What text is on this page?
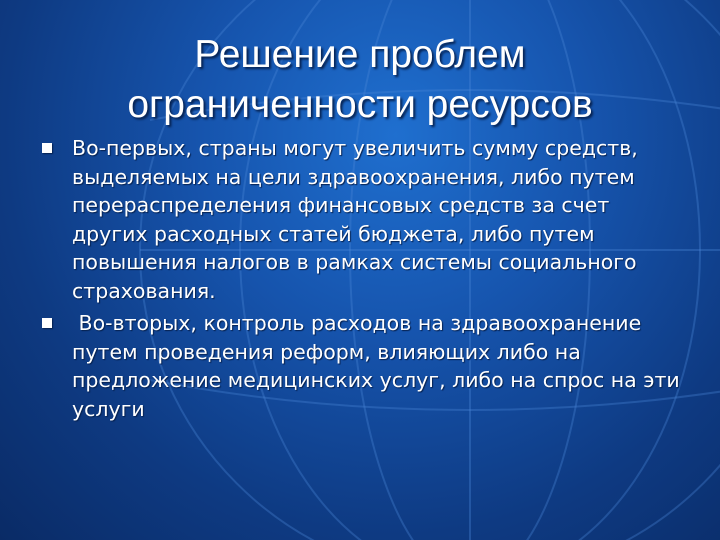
Решение проблем
ограниченности ресурсов
Во-первых, страны могут увеличить сумму средств, выделяемых на цели здравоохранения, либо путем перераспределения финансовых средств за счет других расходных статей бюджета, либо путем повышения налогов в рамках системы социального страхования.
Во-вторых, контроль расходов на здравоохранение путем проведения реформ, влияющих либо на предложение медицинских услуг, либо на спрос на эти услуги
